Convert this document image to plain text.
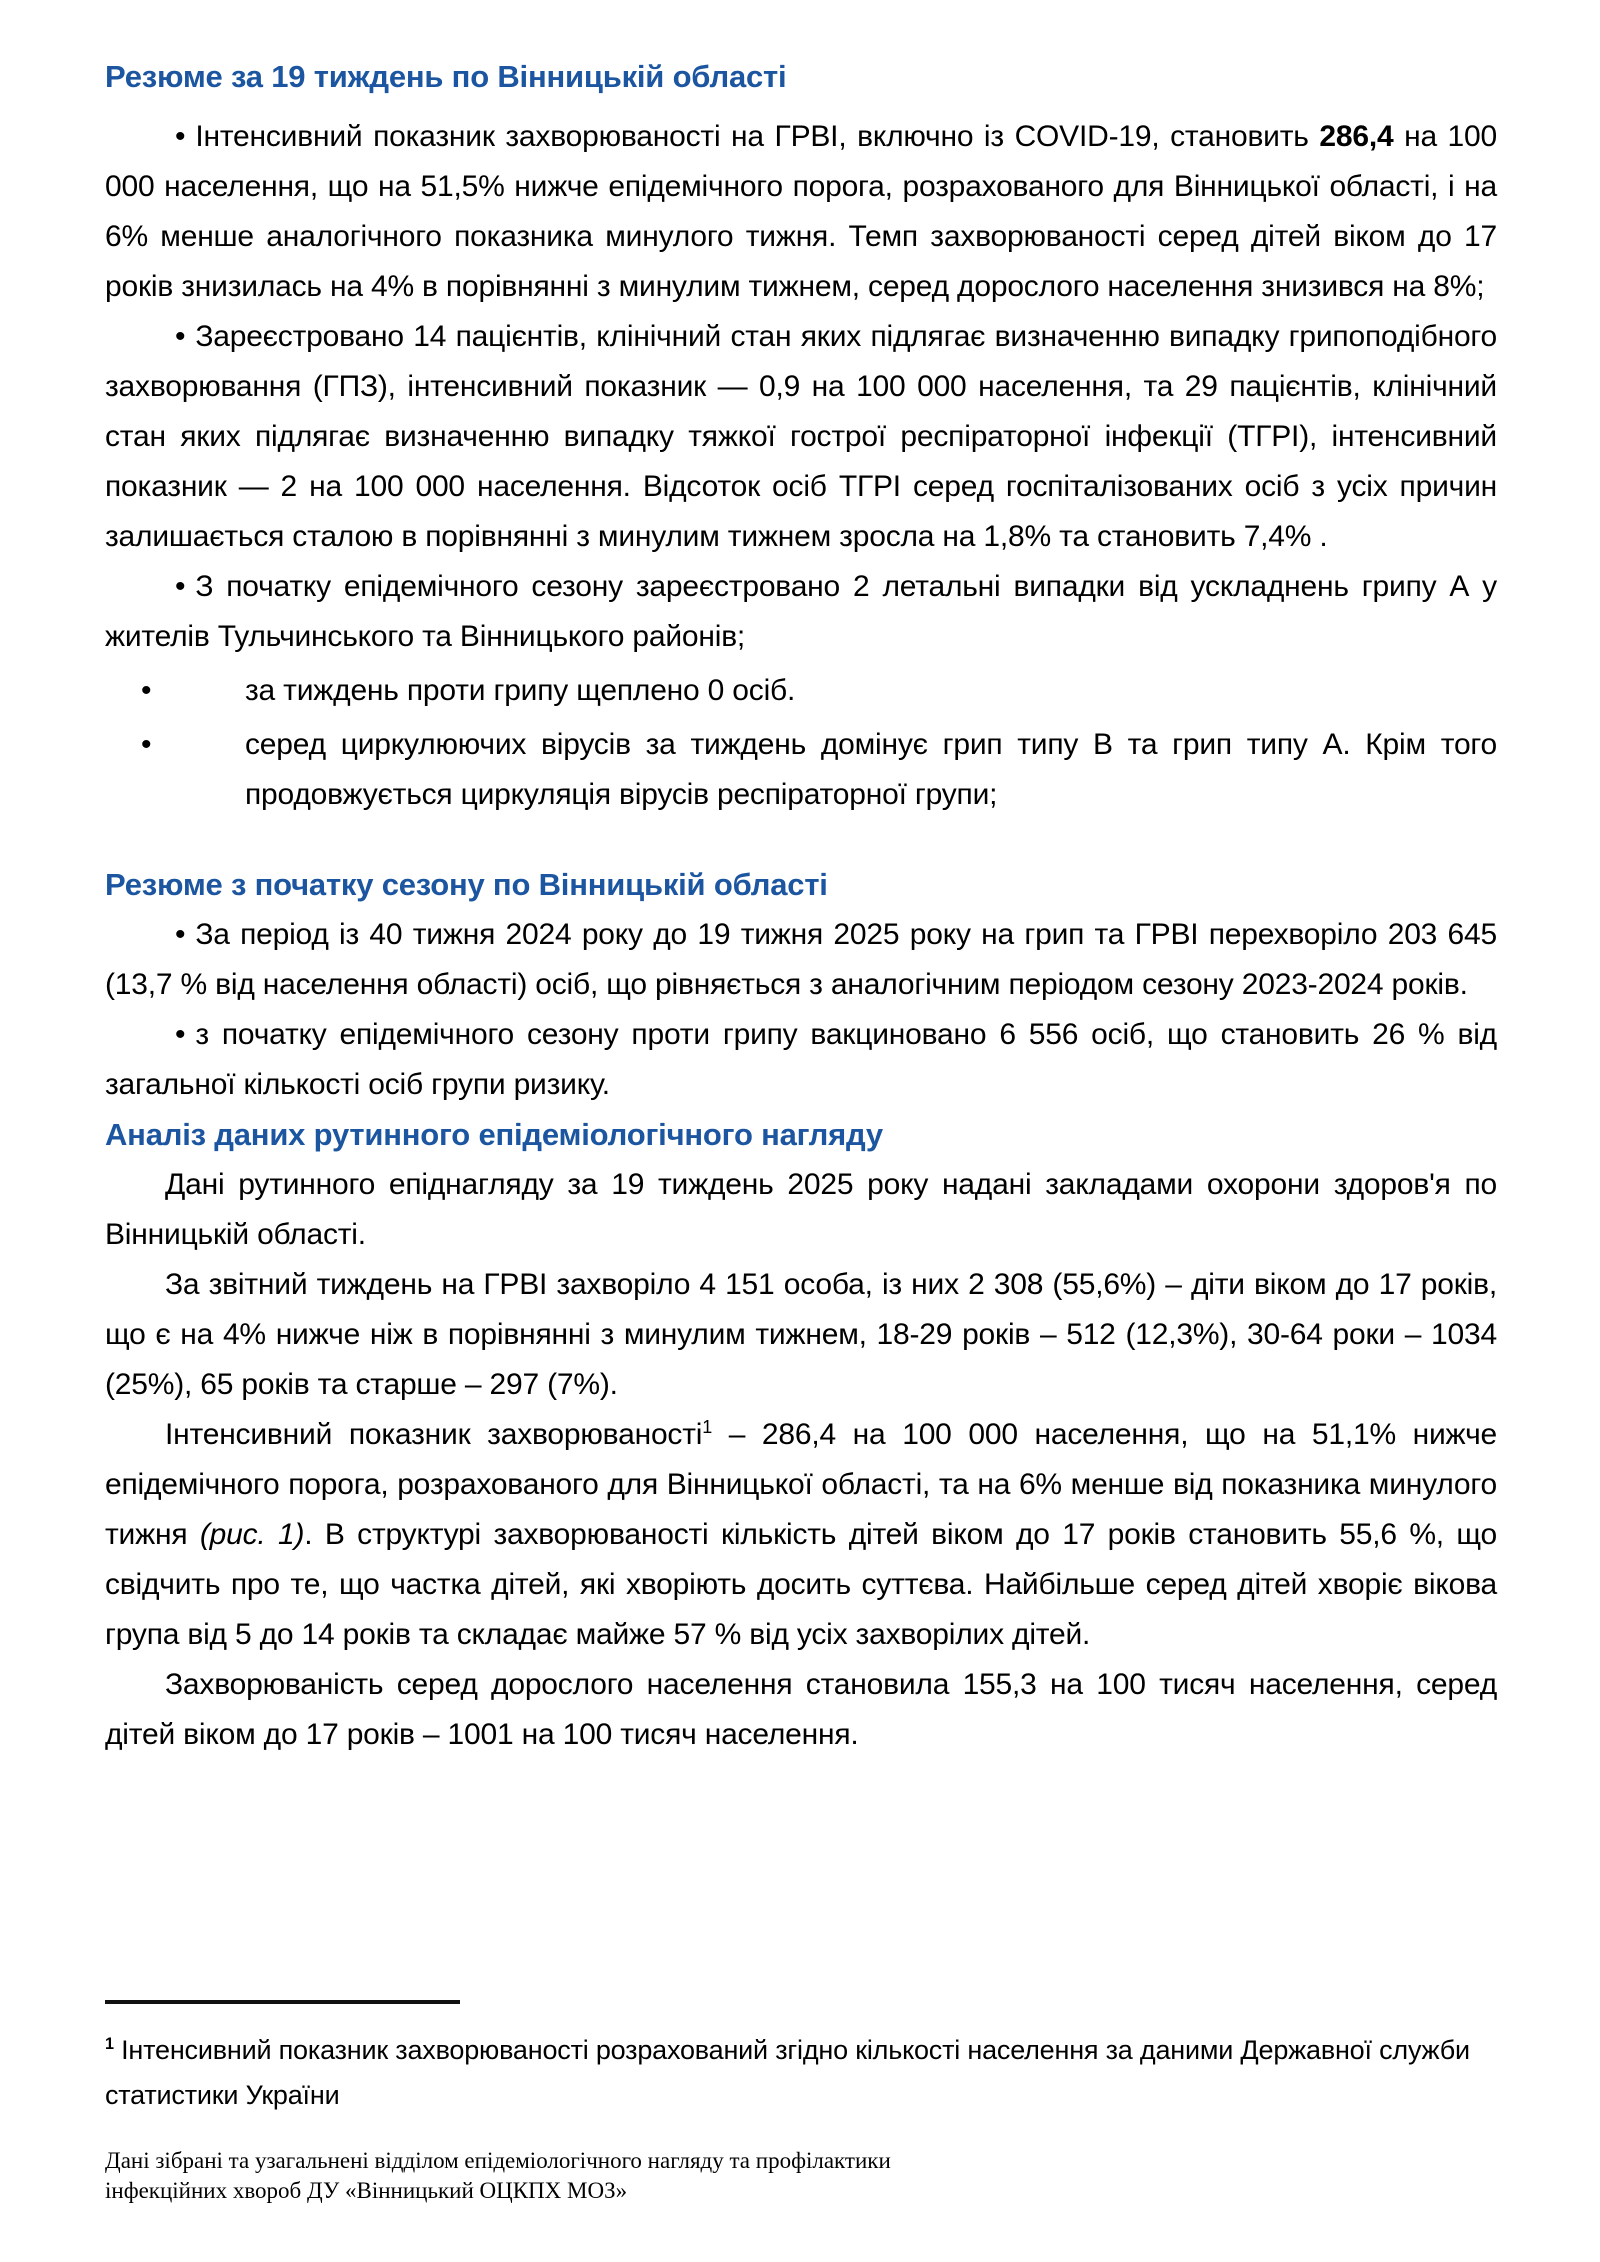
Резюме за 19 тиждень по Вінницькій області

• Інтенсивний показник захворюваності на ГРВІ, включно із COVID-19, становить 286,4 на 100 000 населення, що на 51,5% нижче епідемічного порога, розрахованого для Вінницької області, і на 6% менше аналогічного показника минулого тижня. Темп захворюваності серед дітей віком до 17 років знизилась на 4% в порівнянні з минулим тижнем, серед дорослого населення знизився на 8%;

• Зареєстровано 14 пацієнтів, клінічний стан яких підлягає визначенню випадку грипоподібного захворювання (ГПЗ), інтенсивний показник — 0,9 на 100 000 населення, та 29 пацієнтів, клінічний стан яких підлягає визначенню випадку тяжкої гострої респіраторної інфекції (ТГРІ), інтенсивний показник — 2 на 100 000 населення. Відсоток осіб ТГРІ серед госпіталізованих осіб з усіх причин залишається сталою в порівнянні з минулим тижнем зросла на 1,8% та становить 7,4% .

• З початку епідемічного сезону зареєстровано 2 летальні випадки від ускладнень грипу А у жителів Тульчинського та Вінницького районів;

•	за тиждень проти грипу щеплено 0 осіб.

•	серед циркулюючих вірусів за тиждень домінує грип типу В та грип типу А. Крім того продовжується циркуляція вірусів респіраторної групи;

Резюме з початку сезону по Вінницькій області

• За період із 40 тижня 2024 року до 19 тижня 2025 року на грип та ГРВІ перехворіло 203 645 (13,7 % від населення області) осіб, що рівняється з аналогічним періодом сезону 2023-2024 років.

• з початку епідемічного сезону проти грипу вакциновано 6 556 осіб, що становить 26 % від загальної кількості осіб групи ризику.

Аналіз даних рутинного епідеміологічного нагляду

Дані рутинного епіднагляду за 19 тиждень 2025 року надані закладами охорони здоров'я по Вінницькій області.

За звітний тиждень на ГРВІ захворіло 4 151 особа, із них 2 308 (55,6%) – діти віком до 17 років, що є на 4% нижче ніж в порівнянні з минулим тижнем, 18-29 років – 512 (12,3%), 30-64 роки – 1034 (25%), 65 років та старше – 297 (7%).

Інтенсивний показник захворюваності$^1$ – 286,4 на 100 000 населення, що на 51,1% нижче епідемічного порога, розрахованого для Вінницької області, та на 6% менше від показника минулого тижня (рис. 1). В структурі захворюваності кількість дітей віком до 17 років становить 55,6 %, що свідчить про те, що частка дітей, які хворіють досить суттєва. Найбільше серед дітей хворіє вікова група від 5 до 14 років та складає майже 57 % від усіх захворілих дітей.

Захворюваність серед дорослого населення становила 155,3 на 100 тисяч населення, серед дітей віком до 17 років – 1001 на 100 тисяч населення.

$^1$ Інтенсивний показник захворюваності розрахований згідно кількості населення за даними Державної служби статистики України
Дані зібрані та узагальнені відділом епідеміологічного нагляду та профілактики
інфекційних хвороб ДУ «Вінницький ОЦКПХ МОЗ»
